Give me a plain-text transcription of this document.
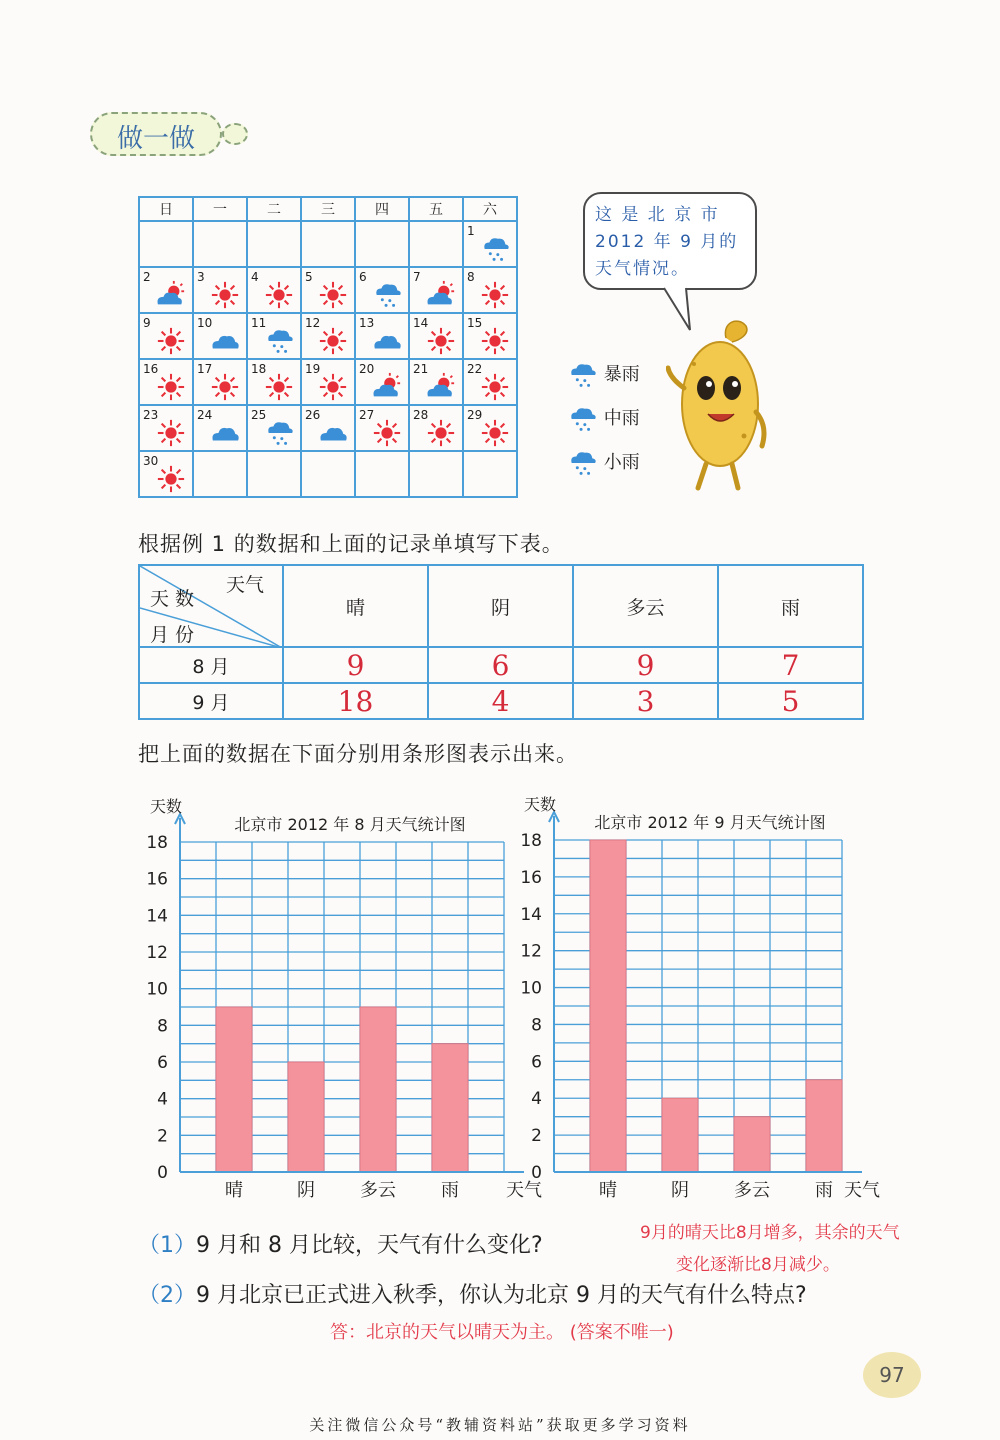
做一做
日	一	二	三	四	五	六

						1

2	3	4	5	6	7	8

9	10	11	12	13	14	15

16	17	18	19	20	21	22

23	24	25	26	27	28	29

30						

这 是 北 京 市
2012 年 9 月的
天气情况。
暴雨
中雨
小雨
根据例 1 的数据和上面的记录单填写下表。
天气
天 数
月 份	晴	阴	多云	雨
8 月	9	6	9	7
9 月	18	4	3	5
把上面的数据在下面分别用条形图表示出来。
晴	阴	多云	雨
0
2
4
6
8
10
12
14
16
18
天数
天气
北京市 2012 年 8 月天气统计图
晴	阴	多云	雨
0
2
4
6
8
10
12
14
16
18
天数
天气
北京市 2012 年 9 月天气统计图
（1）9 月和 8 月比较，天气有什么变化?	9月的晴天比8月增多，其余的天气
变化逐渐比8月减少。
（2）9 月北京已正式进入秋季，你认为北京 9 月的天气有什么特点?
答：北京的天气以晴天为主。 (答案不唯一)
97
关注微信公众号“教辅资料站”获取更多学习资料
